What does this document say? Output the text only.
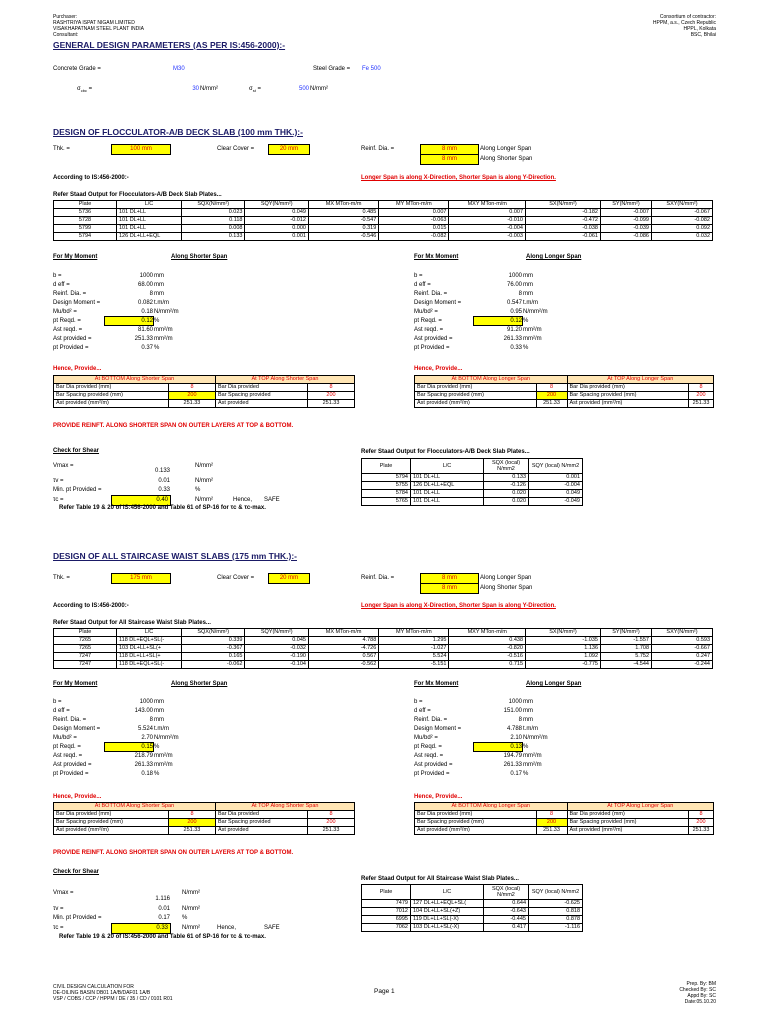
Purchaser:
RASHTRIYA ISPAT NIGAM LIMITED
VISAKHAPATNAM STEEL PLANT INDIA
Consultant:
Consortium of contractor:
HPPM, a.s., Czech Republic
HPPL, Kolkata
BSC, Bhilai
GENERAL DESIGN PARAMETERS (AS PER IS:456-2000):-
Concrete Grade =	M30	Steel Grade = Fe 500
$\sigma_{cbc}$ =	30 N/mm²	$\sigma_{st}$ =	500 N/mm²
DESIGN OF FLOCCULATOR-A/B DECK SLAB (100 mm THK.):-
Thk. =	100 mm	Clear Cover =	20 mm	Reinf. Dia. =	8 mm	Along Longer Span
8 mm	Along Shorter Span
According to IS:456-2000:-	Longer Span is along X-Direction, Shorter Span is along Y-Direction.
Refer Staad Output for Flocculators-A/B Deck Slab Plates...
Plate	L/C	SQX(N/mm²)	SQY(N/mm²)	MX MTon-m/m	MY MTon-m/m	MXY MTon-m/m	SX(N/mm²)	SY(N/mm²)	SXY(N/mm²)
5736	101 DL+LL	0.023	0.049	0.485	0.007	0.007	-0.182	-0.007	-0.067
5728	101 DL+LL	0.118	-0.012	-0.547	-0.063	-0.010	-0.472	-0.099	-0.082
5799	101 DL+LL	0.008	0.000	0.319	0.015	-0.004	-0.038	-0.039	0.092
5794	126 DL+LL+EQL	0.133	0.001	-0.546	-0.082	-0.003	-0.061	-0.086	0.032
For My Moment	Along Shorter Span	For Mx Moment	Along Longer Span
b =	1000 mm
d eff =	68.00 mm
Reinf. Dia. =	8 mm
Design Moment =	0.082 t.m/m
Mu/bd² =	0.18 N/mm²/m
pt Reqd. =	0.12 %
Ast reqd. =	81.60 mm²/m
Ast provided =	251.33 mm²/m
pt Provided =	0.37 %
b =	1000 mm
d eff =	76.00 mm
Reinf. Dia. =	8 mm
Design Moment =	0.547 t.m/m
Mu/bd² =	0.95 N/mm²/m
pt Reqd. =	0.12 %
Ast reqd. =	91.20 mm²/m
Ast provided =	261.33 mm²/m
pt Provided =	0.33 %
Hence, Provide...	Hence, Provide...
At BOTTOM Along Shorter Span		At TOP Along Shorter Span	
Bar Dia provided (mm)	8	Bar Dia provided	8
Bar Spacing provided (mm)	200	Bar Spacing provided	200
Ast provided (mm²/m)	251.33	Ast provided	251.33
At BOTTOM Along Longer Span		At TOP Along Longer Span	
Bar Dia provided (mm)	8	Bar Dia provided (mm)	8
Bar Spacing provided (mm)	200	Bar Spacing provided (mm)	200
Ast provided (mm²/m)	251.33	Ast provided (mm²/m)	251.33
PROVIDE REINFT. ALONG SHORTER SPAN ON OUTER LAYERS AT TOP & BOTTOM.
Check for Shear
Vmax =
0.133
N/mm²
τv =	0.01	N/mm²
Min. pt Provided =	0.33	%
τc =	0.40	N/mm²	Hence, SAFE
Refer Table 19 & 20 of IS:456-2000 and Table 61 of SP-16 for τc & τc-max.
Refer Staad Output for Flocculators-A/B Deck Slab Plates...
Plate	L/C	SQX (local) N/mm2	SQY (local) N/mm2
5794	101 DL+LL	0.133	0.001
5755	126 DL+LL+EQL	-0.126	-0.004
5784	101 DL+LL	0.020	0.049
5765	101 DL+LL	0.020	-0.049
DESIGN OF ALL STAIRCASE WAIST SLABS (175 mm THK.):-
Thk. =	175 mm	Clear Cover =	20 mm	Reinf. Dia. =	8 mm	Along Longer Span
8 mm	Along Shorter Span
According to IS:456-2000:-	Longer Span is along X-Direction, Shorter Span is along Y-Direction.
Refer Staad Output for All Staircase Waist Slab Plates...
Plate	L/C	SQX(N/mm²)	SQY(N/mm²)	MX MTon-m/m	MY MTon-m/m	MXY MTon-m/m	SX(N/mm²)	SY(N/mm²)	SXY(N/mm²)
7265	118 DL+EQL+SL(-	0.339	0.045	4.788	1.295	0.438	-1.035	-1.557	0.593
7265	103 DL+LL+SL(+	-0.367	-0.032	-4.726	-1.027	-0.820	1.136	1.708	-0.667
7247	118 DL+LL+SL(+	0.165	-0.190	0.567	5.524	-0.516	1.092	5.752	0.247
7247	118 DL+EQL+SL(-	-0.062	-0.104	-0.562	-5.151	0.715	-0.775	-4.544	-0.244
For My Moment	Along Shorter Span	For Mx Moment	Along Longer Span
b =	1000 mm
d eff =	143.00 mm
Reinf. Dia. =	8 mm
Design Moment =	5.524 t.m/m
Mu/bd² =	2.70 N/mm²/m
pt Reqd. =	0.15 %
Ast reqd. =	218.79 mm²/m
Ast provided =	261.33 mm²/m
pt Provided =	0.18 %
b =	1000 mm
d eff =	151.00 mm
Reinf. Dia. =	8 mm
Design Moment =	4.788 t.m/m
Mu/bd² =	2.10 N/mm²/m
pt Reqd. =	0.13 %
Ast reqd. =	194.79 mm²/m
Ast provided =	261.33 mm²/m
pt Provided =	0.17 %
Hence, Provide...	Hence, Provide...
At BOTTOM Along Shorter Span		At TOP Along Shorter Span	
Bar Dia provided (mm)	8	Bar Dia provided	8
Bar Spacing provided (mm)	200	Bar Spacing provided	200
Ast provided (mm²/m)	251.33	Ast provided	251.33
At BOTTOM Along Longer Span		At TOP Along Longer Span	
Bar Dia provided (mm)	8	Bar Dia provided (mm)	8
Bar Spacing provided (mm)	200	Bar Spacing provided (mm)	200
Ast provided (mm²/m)	251.33	Ast provided (mm²/m)	251.33
PROVIDE REINFT. ALONG SHORTER SPAN ON OUTER LAYERS AT TOP & BOTTOM.
Check for Shear
Vmax =
1.116
N/mm²
τv =	0.01 N/mm²
Min. pt Provided =	0.17 %
τc =	0.33	N/mm²	Hence,	SAFE
Refer Table 19 & 20 of IS:456-2000 and Table 61 of SP-16 for τc & τc-max.
Refer Staad Output for All Staircase Waist Slab Plates...
Plate	L/C	SQX (local) N/mm2	SQY (local) N/mm2
7479	127 DL+LL+EQL+SL(	0.644	-0.625
7012	104 DL+LL+SL(+Z)	-0.643	0.818
6995	119 DL+LL+SL(-X)	-0.445	0.878
7062	103 DL+LL+SL(-X)	0.417	-1.116
CIVIL DESIGN CALCULATION FOR
DE-OILING BASIN DB01 1A/B/DAF01 1A/B
VSP / COBS / CCP / HPPM / DE / 35 / CD / 0101 R01
Page 1
Prep. By: BM
Checked By: SC
Appd By: SC
Date:05.10.20
